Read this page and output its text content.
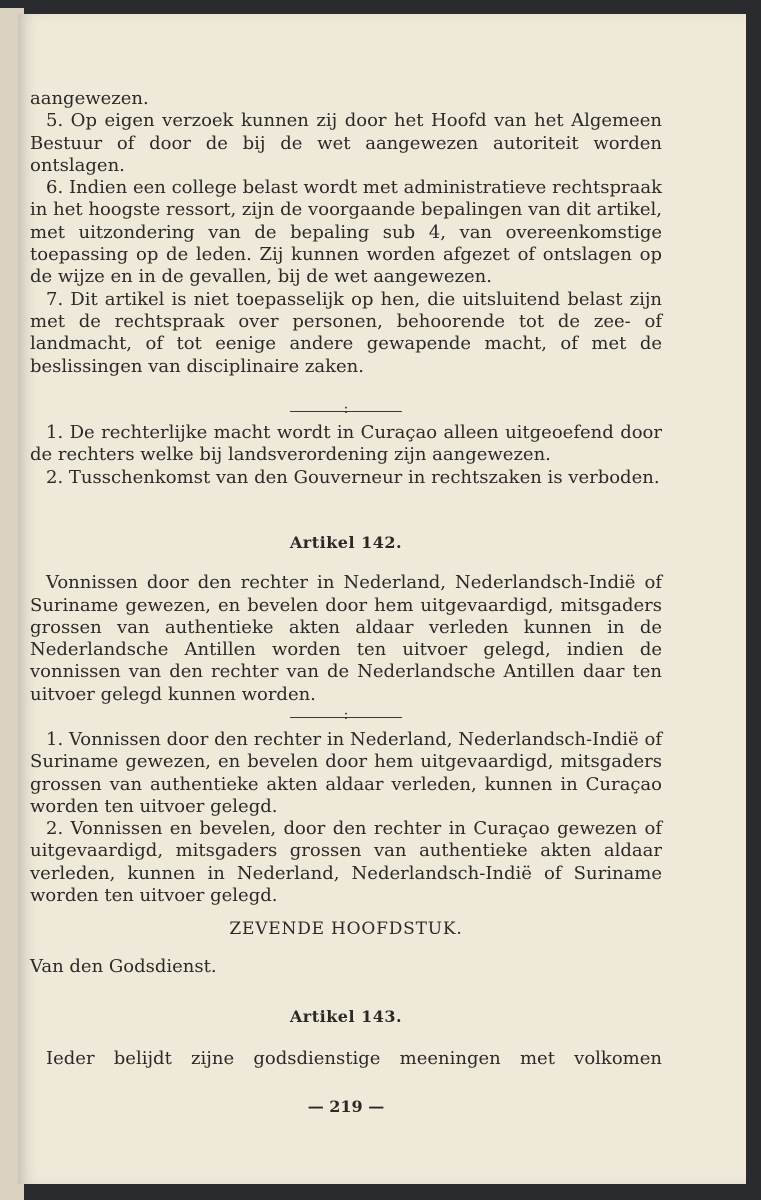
aangewezen.

5. Op eigen verzoek kunnen zij door het Hoofd van het Algemeen Bestuur of door de bij de wet aangewezen autoriteit worden ontslagen.

6. Indien een college belast wordt met administratieve rechtspraak in het hoogste ressort, zijn de voorgaande bepalingen van dit artikel, met uitzondering van de bepaling sub 4, van overeenkomstige toepassing op de leden. Zij kunnen worden afgezet of ontslagen op de wijze en in de gevallen, bij de wet aangewezen.

7. Dit artikel is niet toepasselijk op hen, die uitsluitend belast zijn met de rechtspraak over personen, behoorende tot de zee- of landmacht, of tot eenige andere gewapende macht, of met de beslissingen van disciplinaire zaken.

:

1. De rechterlijke macht wordt in Curaçao alleen uitgeoefend door de rechters welke bij landsverordening zijn aangewezen.

2. Tusschenkomst van den Gouverneur in rechtszaken is verboden.

Artikel 142.

Vonnissen door den rechter in Nederland, Nederlandsch-Indië of Suriname gewezen, en bevelen door hem uitgevaardigd, mitsgaders grossen van authentieke akten aldaar verleden kunnen in de Nederlandsche Antillen worden ten uitvoer gelegd, indien de vonnissen van den rechter van de Nederlandsche Antillen daar ten uitvoer gelegd kunnen worden.

:

1. Vonnissen door den rechter in Nederland, Nederlandsch-Indië of Suriname gewezen, en bevelen door hem uitgevaardigd, mitsgaders grossen van authentieke akten aldaar verleden, kunnen in Curaçao worden ten uitvoer gelegd.

2. Vonnissen en bevelen, door den rechter in Curaçao gewezen of uitgevaardigd, mitsgaders grossen van authentieke akten aldaar verleden, kunnen in Nederland, Nederlandsch-Indië of Suriname worden ten uitvoer gelegd.

ZEVENDE HOOFDSTUK.

Van den Godsdienst.

Artikel 143.

Ieder belijdt zijne godsdienstige meeningen met volkomen

— 219 —
